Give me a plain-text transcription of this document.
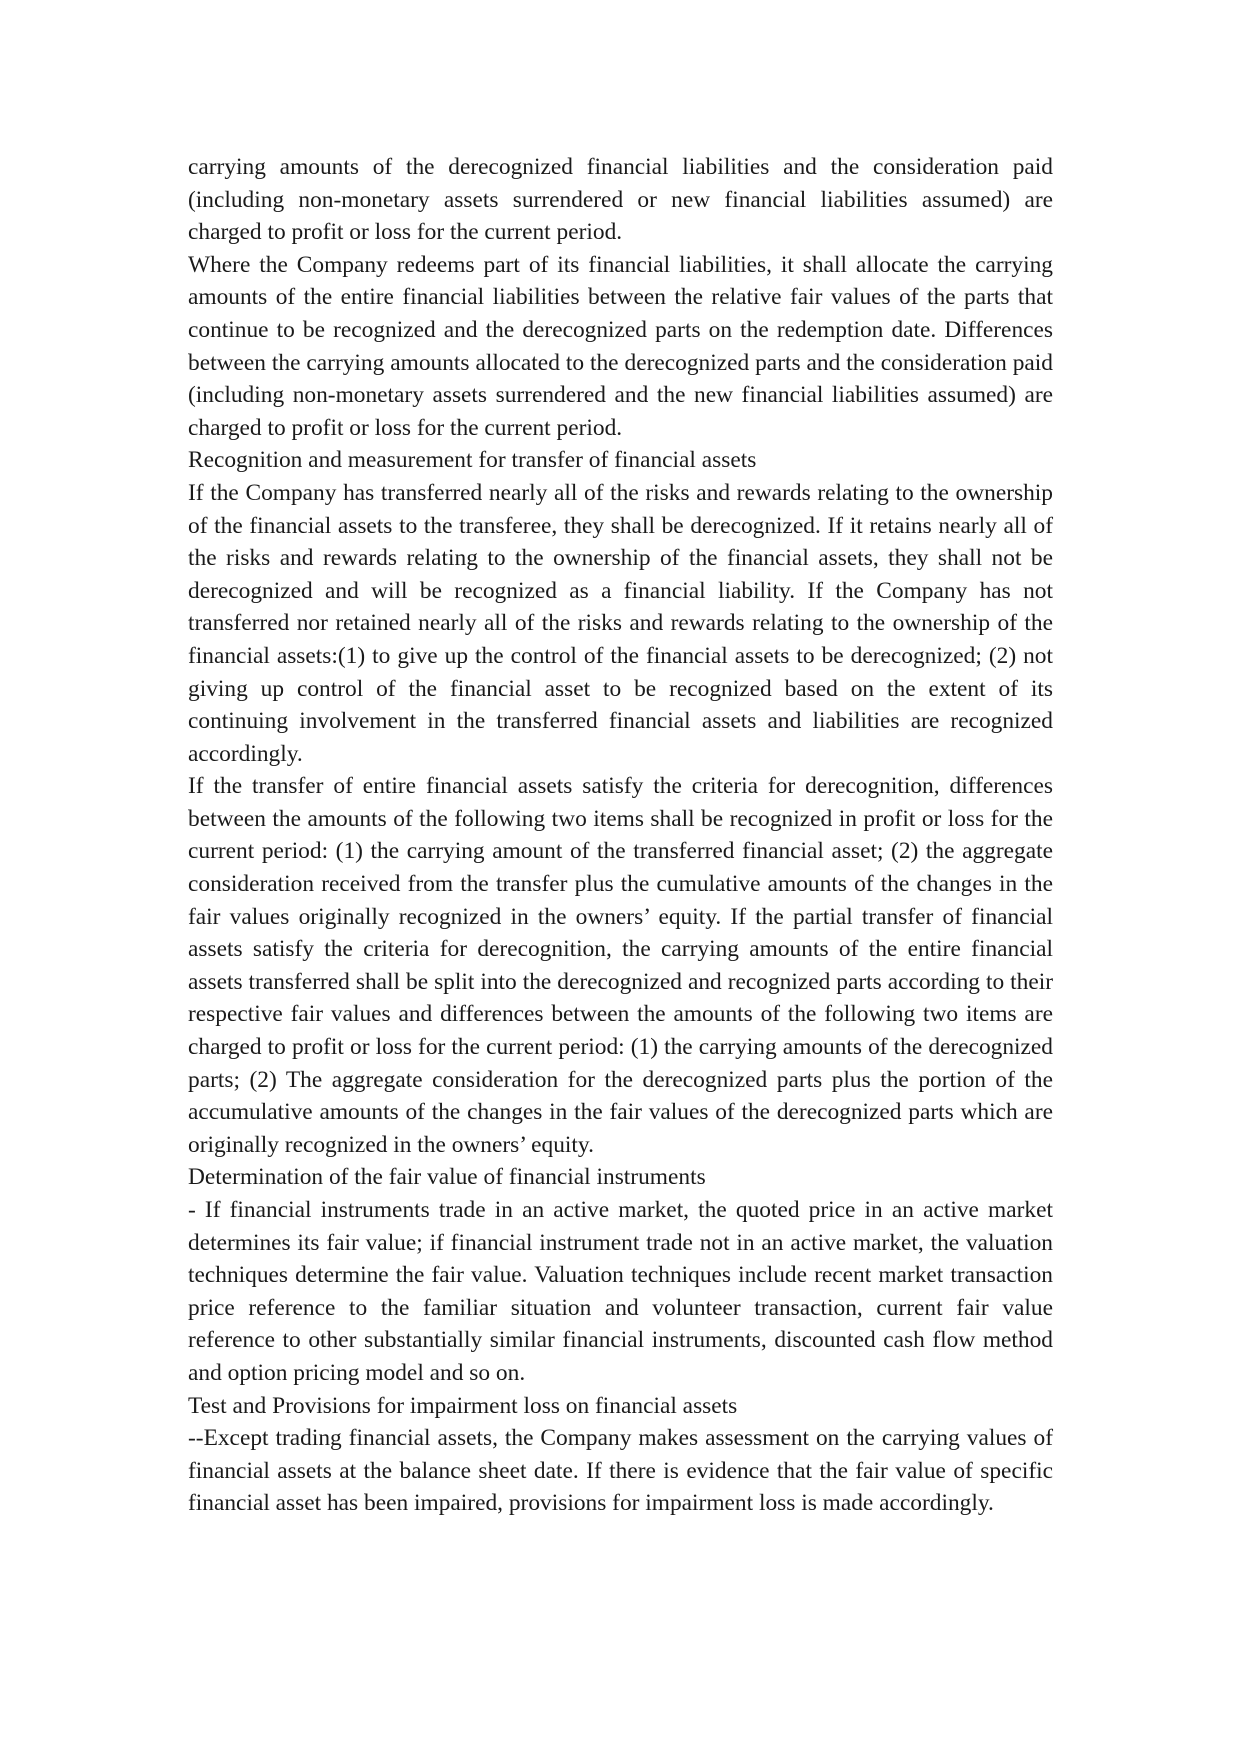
carrying amounts of the derecognized financial liabilities and the consideration paid (including non-monetary assets surrendered or new financial liabilities assumed) are charged to profit or loss for the current period.

Where the Company redeems part of its financial liabilities, it shall allocate the carrying amounts of the entire financial liabilities between the relative fair values of the parts that continue to be recognized and the derecognized parts on the redemption date. Differences between the carrying amounts allocated to the derecognized parts and the consideration paid (including non-monetary assets surrendered and the new financial liabilities assumed) are charged to profit or loss for the current period.

Recognition and measurement for transfer of financial assets

If the Company has transferred nearly all of the risks and rewards relating to the ownership of the financial assets to the transferee, they shall be derecognized. If it retains nearly all of the risks and rewards relating to the ownership of the financial assets, they shall not be derecognized and will be recognized as a financial liability. If the Company has not transferred nor retained nearly all of the risks and rewards relating to the ownership of the financial assets:(1) to give up the control of the financial assets to be derecognized; (2) not giving up control of the financial asset to be recognized based on the extent of its continuing involvement in the transferred financial assets and liabilities are recognized accordingly.

If the transfer of entire financial assets satisfy the criteria for derecognition, differences between the amounts of the following two items shall be recognized in profit or loss for the current period: (1) the carrying amount of the transferred financial asset; (2) the aggregate consideration received from the transfer plus the cumulative amounts of the changes in the fair values originally recognized in the owners’ equity. If the partial transfer of financial assets satisfy the criteria for derecognition, the carrying amounts of the entire financial assets transferred shall be split into the derecognized and recognized parts according to their respective fair values and differences between the amounts of the following two items are charged to profit or loss for the current period: (1) the carrying amounts of the derecognized parts; (2) The aggregate consideration for the derecognized parts plus the portion of the accumulative amounts of the changes in the fair values of the derecognized parts which are originally recognized in the owners’ equity.

Determination of the fair value of financial instruments

- If financial instruments trade in an active market, the quoted price in an active market determines its fair value; if financial instrument trade not in an active market, the valuation techniques determine the fair value. Valuation techniques include recent market transaction price reference to the familiar situation and volunteer transaction, current fair value reference to other substantially similar financial instruments, discounted cash flow method and option pricing model and so on.

Test and Provisions for impairment loss on financial assets

--Except trading financial assets, the Company makes assessment on the carrying values of financial assets at the balance sheet date. If there is evidence that the fair value of specific financial asset has been impaired, provisions for impairment loss is made accordingly.
